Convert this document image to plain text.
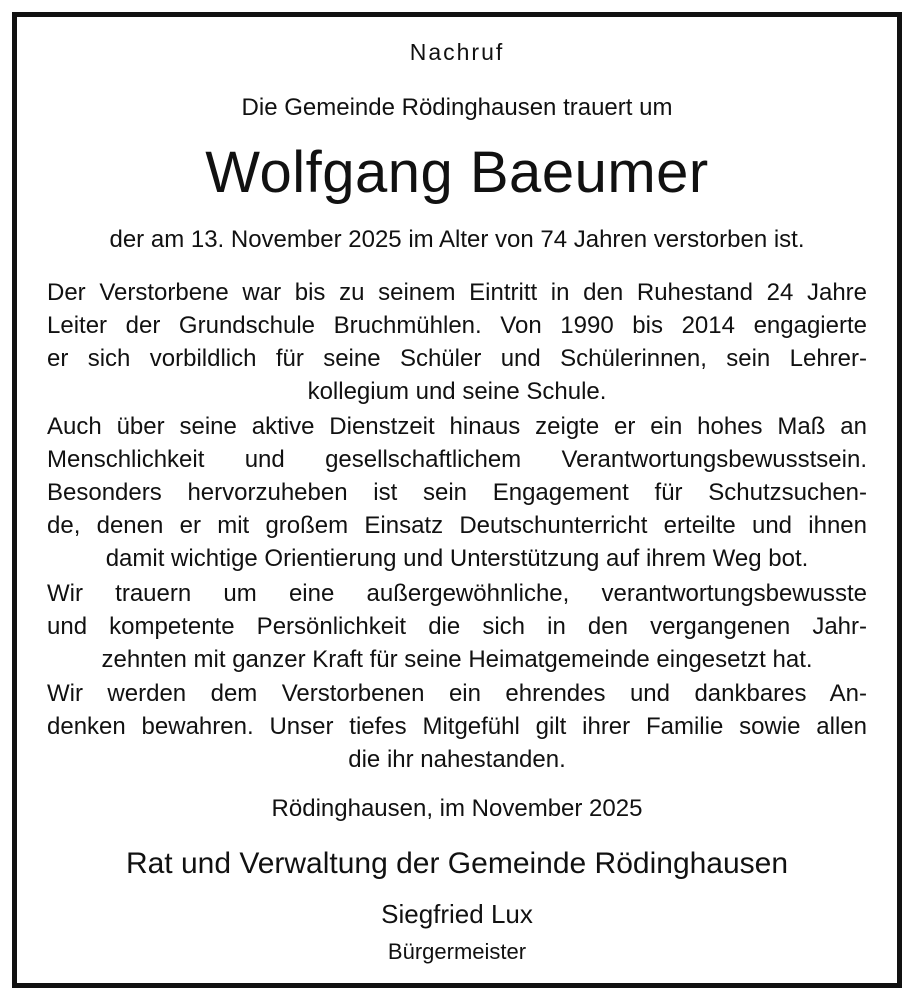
Nachruf
Die Gemeinde Rödinghausen trauert um
Wolfgang Baeumer
der am 13. November 2025 im Alter von 74 Jahren verstorben ist.
Der Verstorbene war bis zu seinem Eintritt in den Ruhestand 24 Jahre
Leiter der Grundschule Bruchmühlen. Von 1990 bis 2014 engagierte
er sich vorbildlich für seine Schüler und Schülerinnen, sein Lehrer-
kollegium und seine Schule.
Auch über seine aktive Dienstzeit hinaus zeigte er ein hohes Maß an
Menschlichkeit und gesellschaftlichem Verantwortungsbewusstsein.
Besonders hervorzuheben ist sein Engagement für Schutzsuchen-
de, denen er mit großem Einsatz Deutschunterricht erteilte und ihnen
damit wichtige Orientierung und Unterstützung auf ihrem Weg bot.
Wir trauern um eine außergewöhnliche, verantwortungsbewusste
und kompetente Persönlichkeit die sich in den vergangenen Jahr-
zehnten mit ganzer Kraft für seine Heimatgemeinde eingesetzt hat.
Wir werden dem Verstorbenen ein ehrendes und dankbares An-
denken bewahren. Unser tiefes Mitgefühl gilt ihrer Familie sowie allen
die ihr nahestanden.
Rödinghausen, im November 2025
Rat und Verwaltung der Gemeinde Rödinghausen
Siegfried Lux
Bürgermeister
